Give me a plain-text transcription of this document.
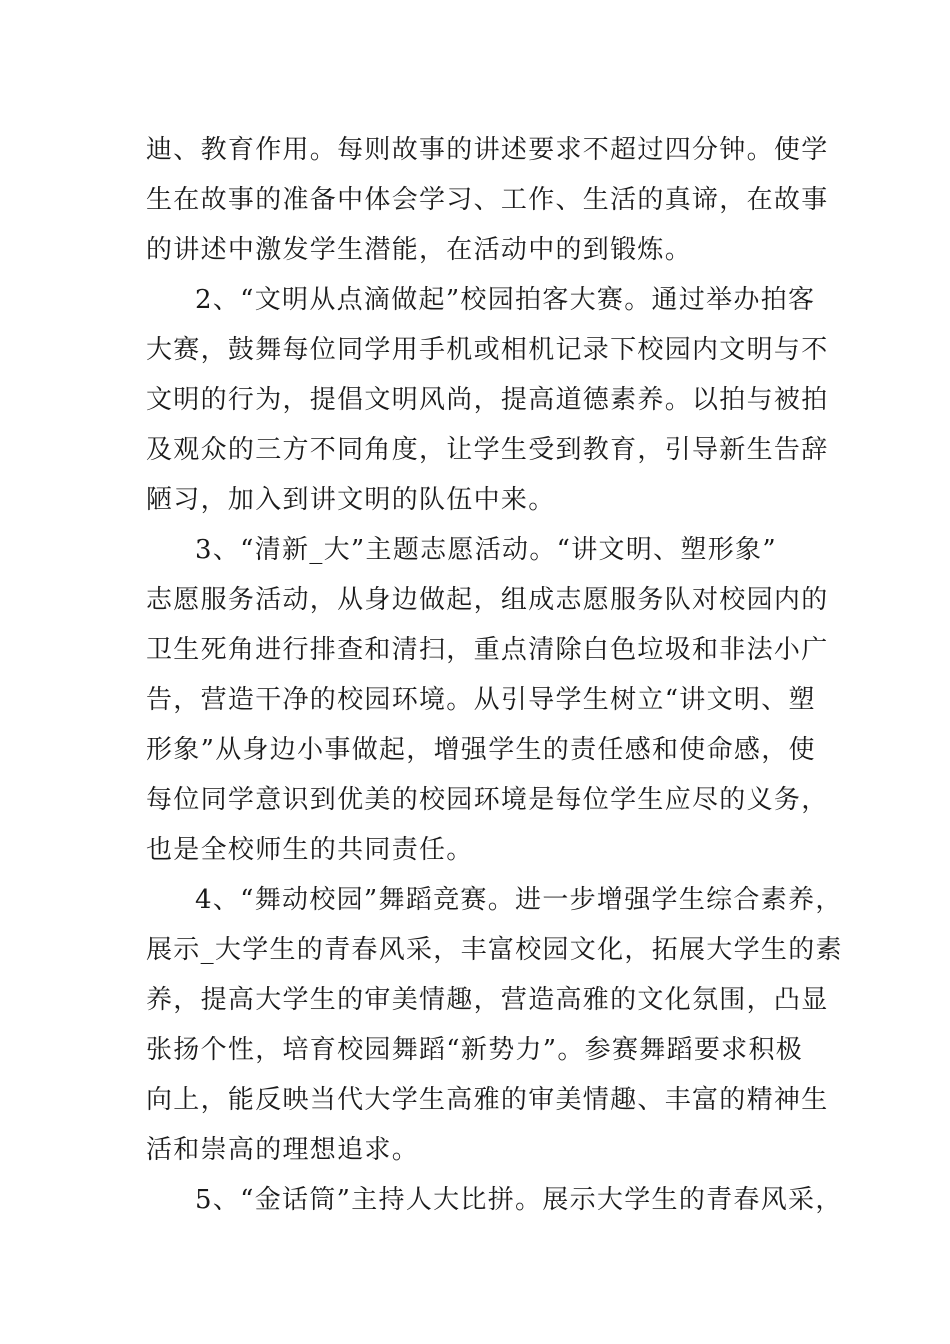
迪、教育作用。每则故事的讲述要求不超过四分钟。使学
生在故事的准备中体会学习、工作、生活的真谛，在故事
的讲述中激发学生潜能，在活动中的到锻炼。
2、“文明从点滴做起”校园拍客大赛。通过举办拍客
大赛，鼓舞每位同学用手机或相机记录下校园内文明与不
文明的行为，提倡文明风尚，提高道德素养。以拍与被拍
及观众的三方不同角度，让学生受到教育，引导新生告辞
陋习，加入到讲文明的队伍中来。
3、“清新_大”主题志愿活动。“讲文明、塑形象”
志愿服务活动，从身边做起，组成志愿服务队对校园内的
卫生死角进行排查和清扫，重点清除白色垃圾和非法小广
告，营造干净的校园环境。从引导学生树立“讲文明、塑
形象”从身边小事做起，增强学生的责任感和使命感，使
每位同学意识到优美的校园环境是每位学生应尽的义务，
也是全校师生的共同责任。
4、“舞动校园”舞蹈竞赛。进一步增强学生综合素养，
展示_大学生的青春风采，丰富校园文化，拓展大学生的素
养，提高大学生的审美情趣，营造高雅的文化氛围，凸显
张扬个性，培育校园舞蹈“新势力”。参赛舞蹈要求积极
向上，能反映当代大学生高雅的审美情趣、丰富的精神生
活和崇高的理想追求。
5、“金话筒”主持人大比拼。展示大学生的青春风采，
